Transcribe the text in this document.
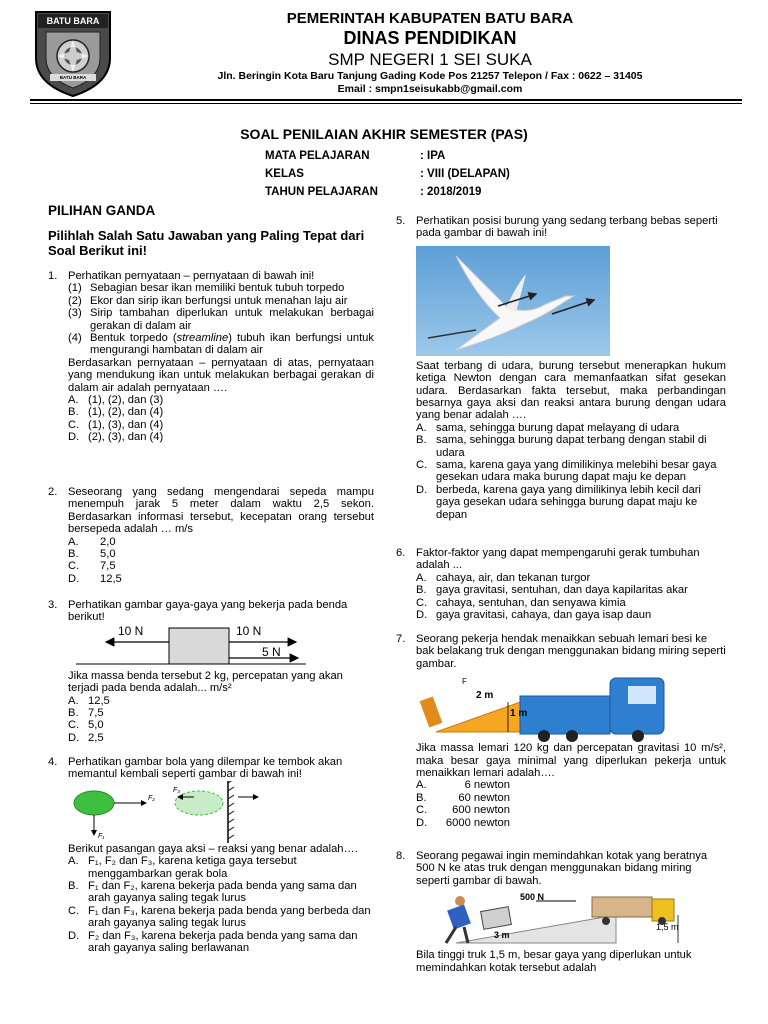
BATU BARA
BATU BARA
PEMERINTAH KABUPATEN BATU BARA
DINAS PENDIDIKAN
SMP NEGERI 1 SEI SUKA
Jln. Beringin Kota Baru Tanjung Gading Kode Pos 21257 Telepon / Fax : 0622 – 31405
Email : smpn1seisukabb@gmail.com
SOAL PENILAIAN AKHIR SEMESTER (PAS)
MATA PELAJARAN	: IPA
KELAS	: VIII (DELAPAN)
TAHUN PELAJARAN	: 2018/2019
PILIHAN GANDA
Pilihlah Salah Satu Jawaban yang Paling Tepat dari Soal Berikut ini!
1. Perhatikan pernyataan – pernyataan di bawah ini!

(1) Sebagian besar ikan memiliki bentuk tubuh torpedo
(2) Ekor dan sirip ikan berfungsi untuk menahan laju air
(3) Sirip tambahan diperlukan untuk melakukan berbagai gerakan di dalam air
(4) Bentuk torpedo (streamline) tubuh ikan berfungsi untuk mengurangi hambatan di dalam air

Berdasarkan pernyataan – pernyataan di atas, pernyataan yang mendukung ikan untuk melakukan berbagai gerakan di dalam air adalah pernyataan ….

A. (1), (2), dan (3)
B. (1), (2), dan (4)
C. (1), (3), dan (4)
D. (2), (3), dan (4)
2. Seseorang yang sedang mengendarai sepeda mampu menempuh jarak 5 meter dalam waktu 2,5 sekon. Berdasarkan informasi tersebut, kecepatan orang tersebut bersepeda adalah … m/s

A. 2,0
B. 5,0
C. 7,5
D. 12,5
3. Perhatikan gambar gaya-gaya yang bekerja pada benda berikut!

10 N	10 N
5 N

Jika massa benda tersebut 2 kg, percepatan yang akan terjadi pada benda adalah... m/s²

A. 12,5
B. 7,5
C. 5,0
D. 2,5
4. Perhatikan gambar bola yang dilempar ke tembok akan memantul kembali seperti gambar di bawah ini!

F₂
F₃
F₁

Berikut pasangan gaya aksi – reaksi yang benar adalah….

A. F₁, F₂ dan F₃, karena ketiga gaya tersebut menggambarkan gerak bola
B. F₁ dan F₂, karena bekerja pada benda yang sama dan arah gayanya saling tegak lurus
C. F₁ dan F₃, karena bekerja pada benda yang berbeda dan arah gayanya saling tegak lurus
D. F₂ dan F₃, karena bekerja pada benda yang sama dan arah gayanya saling berlawanan
5. Perhatikan posisi burung yang sedang terbang bebas seperti pada gambar di bawah ini!

Saat terbang di udara, burung tersebut menerapkan hukum ketiga Newton dengan cara memanfaatkan sifat gesekan udara. Berdasarkan fakta tersebut, maka perbandingan besarnya gaya aksi dan reaksi antara burung dengan udara yang benar adalah ….

A. sama, sehingga burung dapat melayang di udara
B. sama, sehingga burung dapat terbang dengan stabil di udara
C. sama, karena gaya yang dimilikinya melebihi besar gaya gesekan udara maka burung dapat maju ke depan
D. berbeda, karena gaya yang dimilikinya lebih kecil dari gaya gesekan udara sehingga burung dapat maju ke depan
6. Faktor-faktor yang dapat mempengaruhi gerak tumbuhan adalah ...

A. cahaya, air, dan tekanan turgor
B. gaya gravitasi, sentuhan, dan daya kapilaritas akar
C. cahaya, sentuhan, dan senyawa kimia
D. gaya gravitasi, cahaya, dan gaya isap daun
7. Seorang pekerja hendak menaikkan sebuah lemari besi ke bak belakang truk dengan menggunakan bidang miring seperti gambar.

F
2 m
1 m

Jika massa lemari 120 kg dan percepatan gravitasi 10 m/s², maka besar gaya minimal yang diperlukan pekerja untuk menaikkan lemari adalah….

A.	6 newton
B.	60 newton
C. 600 newton
D. 6000 newton
8. Seorang pegawai ingin memindahkan kotak yang beratnya 500 N ke atas truk dengan menggunakan bidang miring seperti gambar di bawah.

500 N
3 m
1,5 m

Bila tinggi truk 1,5 m, besar gaya yang diperlukan untuk memindahkan kotak tersebut adalah
